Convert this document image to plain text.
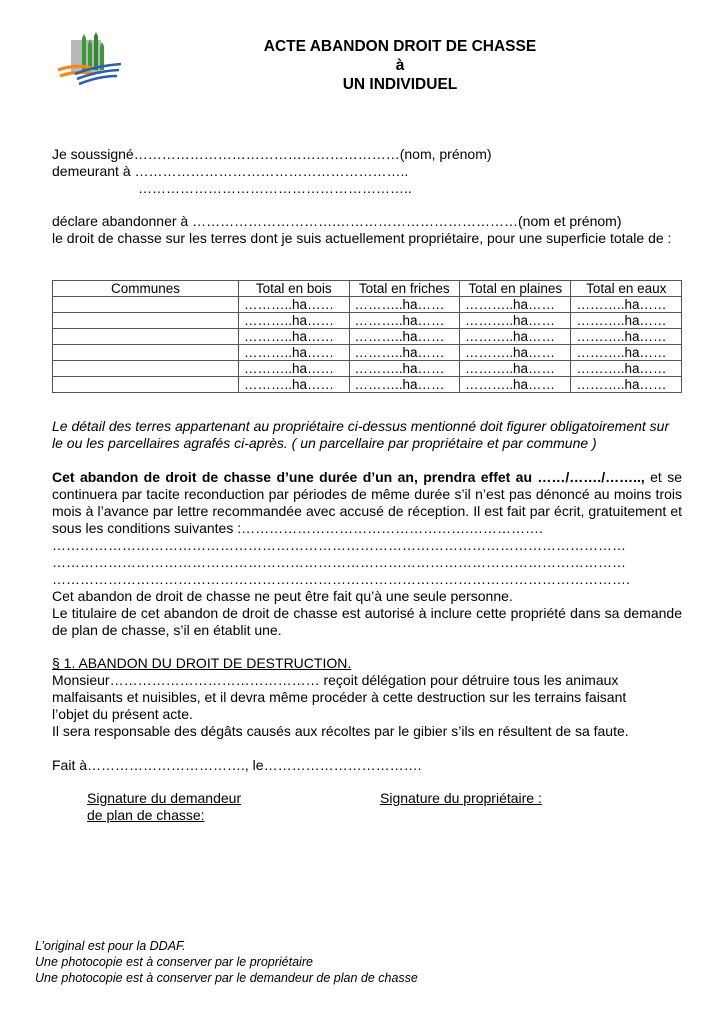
ACTE ABANDON DROIT DE CHASSE
à
UN INDIVIDUEL
Je soussigné…………………………………………………(nom, prénom)
demeurant à …………………………………………………..
…………………………………………………..
déclare abandonner à ………………………….…………………………………(nom et prénom)
le droit de chasse sur les terres dont je suis actuellement propriétaire, pour une superficie totale de :
Communes	Total en bois	Total en friches	Total en plaines	Total en eaux
	………..ha……	………..ha……	………..ha……	………..ha……
	………..ha……	………..ha……	………..ha……	………..ha……
	………..ha……	………..ha……	………..ha……	………..ha……
	………..ha……	………..ha……	………..ha……	………..ha……
	………..ha……	………..ha……	………..ha……	………..ha……
	………..ha……	………..ha……	………..ha……	………..ha……
Le détail des terres appartenant au propriétaire ci-dessus mentionné doit figurer obligatoirement sur le ou les parcellaires agrafés ci-après. ( un parcellaire par propriétaire et par commune )
Cet abandon de droit de chasse d’une durée d’un an, prendra effet au ……/……./…….., et se continuera par tacite reconduction par périodes de même durée s’il n’est pas dénoncé au moins trois mois à l’avance par lettre recommandée avec accusé de réception. Il est fait par écrit, gratuitement et sous les conditions suivantes :………………………………………….…………….
……………………………………………………………………………………………………………
……………………………………………………………………………………………………………
…………………………………………………………………………………………………………….
Cet abandon de droit de chasse ne peut être fait qu’à une seule personne.
Le titulaire de cet abandon de droit de chasse est autorisé à inclure cette propriété dans sa demande de plan de chasse, s’il en établit une.
§ 1. ABANDON DU DROIT DE DESTRUCTION.
Monsieur……………………………………… reçoit délégation pour détruire tous les animaux
malfaisants et nuisibles, et il devra même procéder à cette destruction sur les terrains faisant
l’objet du présent acte.
Il sera responsable des dégâts causés aux récoltes par le gibier s’ils en résultent de sa faute.
Fait à……………………………., le…………………………….
Signature du demandeur
de plan de chasse:
Signature du propriétaire :
L’original est pour la DDAF.
Une photocopie est à conserver par le propriétaire
Une photocopie est à conserver par le demandeur de plan de chasse
